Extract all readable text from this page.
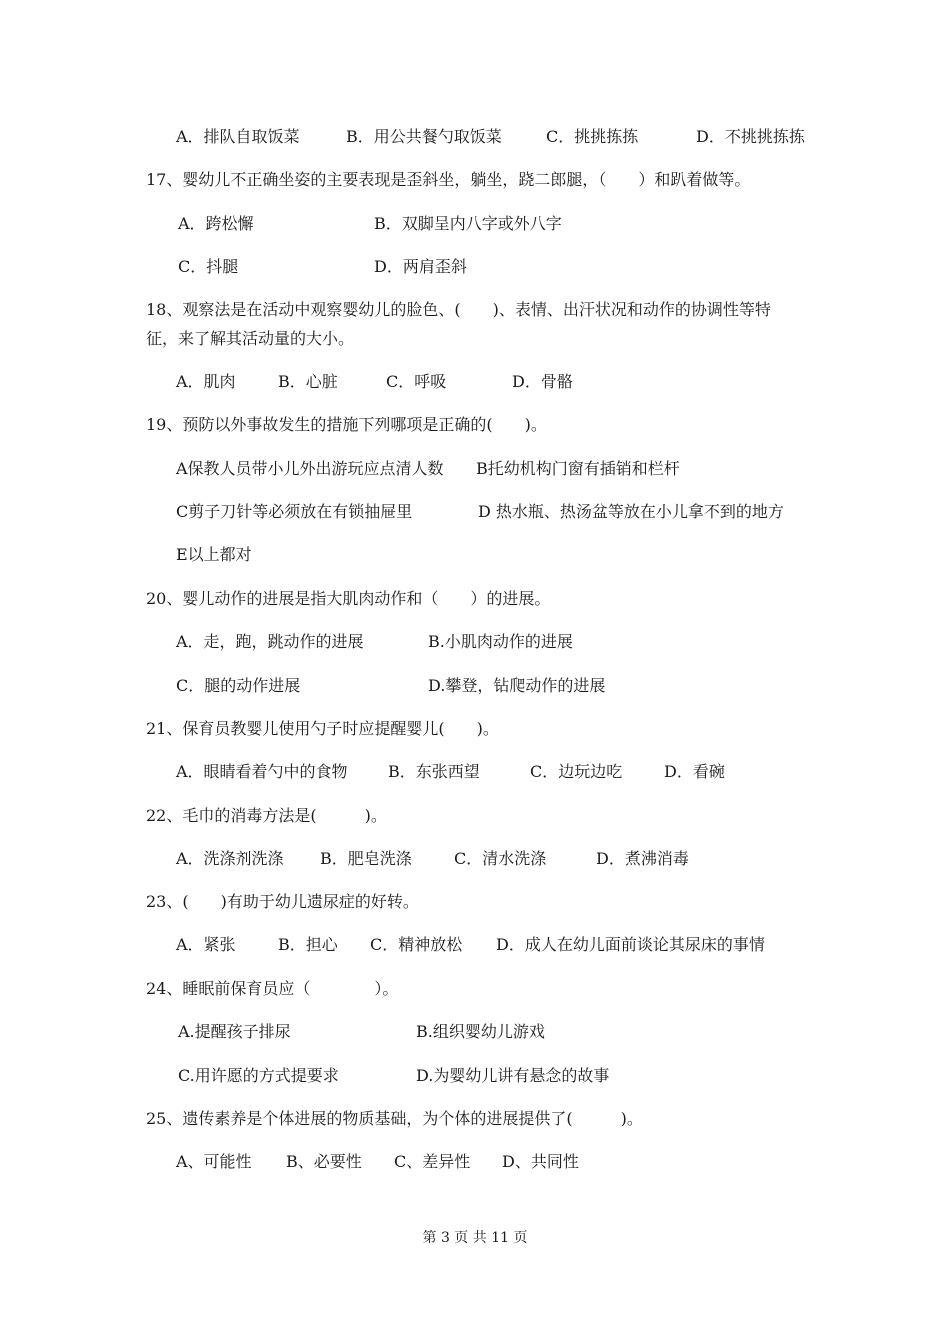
A．排队自取饭菜	B．用公共餐勺取饭菜	C．挑挑拣拣	D．不挑挑拣拣
17、婴幼儿不正确坐姿的主要表现是歪斜坐，躺坐，跷二郎腿，（　　）和趴着做等。
A．跨松懈	B．双脚呈内八字或外八字
C．抖腿	D．两肩歪斜
18、观察法是在活动中观察婴幼儿的脸色、(　　)、表情、出汗状况和动作的协调性等特
征，来了解其活动量的大小。
A．肌肉	B．心脏	C．呼吸	D．骨骼
19、预防以外事故发生的措施下列哪项是正确的(　　)。
A保教人员带小儿外出游玩应点清人数 B托幼机构门窗有插销和栏杆
C剪子刀针等必须放在有锁抽屉里	D 热水瓶、热汤盆等放在小儿拿不到的地方
E以上都对
20、婴儿动作的进展是指大肌肉动作和（　　）的进展。
A．走，跑，跳动作的进展	B.小肌肉动作的进展
C．腿的动作进展	D.攀登，钻爬动作的进展
21、保育员教婴儿使用勺子时应提醒婴儿(　　)。
A．眼睛看着勺中的食物	B．东张西望	C．边玩边吃	D．看碗
22、毛巾的消毒方法是(　　　)。
A．洗涤剂洗涤 B．肥皂洗涤	C．清水洗涤	D．煮沸消毒
23、(　　)有助于幼儿遗尿症的好转。
A．紧张	B．担心 C．精神放松 D．成人在幼儿面前谈论其尿床的事情
24、睡眠前保育员应（　　　　）。
A.提醒孩子排尿	B.组织婴幼儿游戏
C.用许愿的方式提要求	D.为婴幼儿讲有悬念的故事
25、遗传素养是个体进展的物质基础，为个体的进展提供了(　　　)。
A、可能性 B、必要性 C、差异性 D、共同性
第 3 页 共 11 页
